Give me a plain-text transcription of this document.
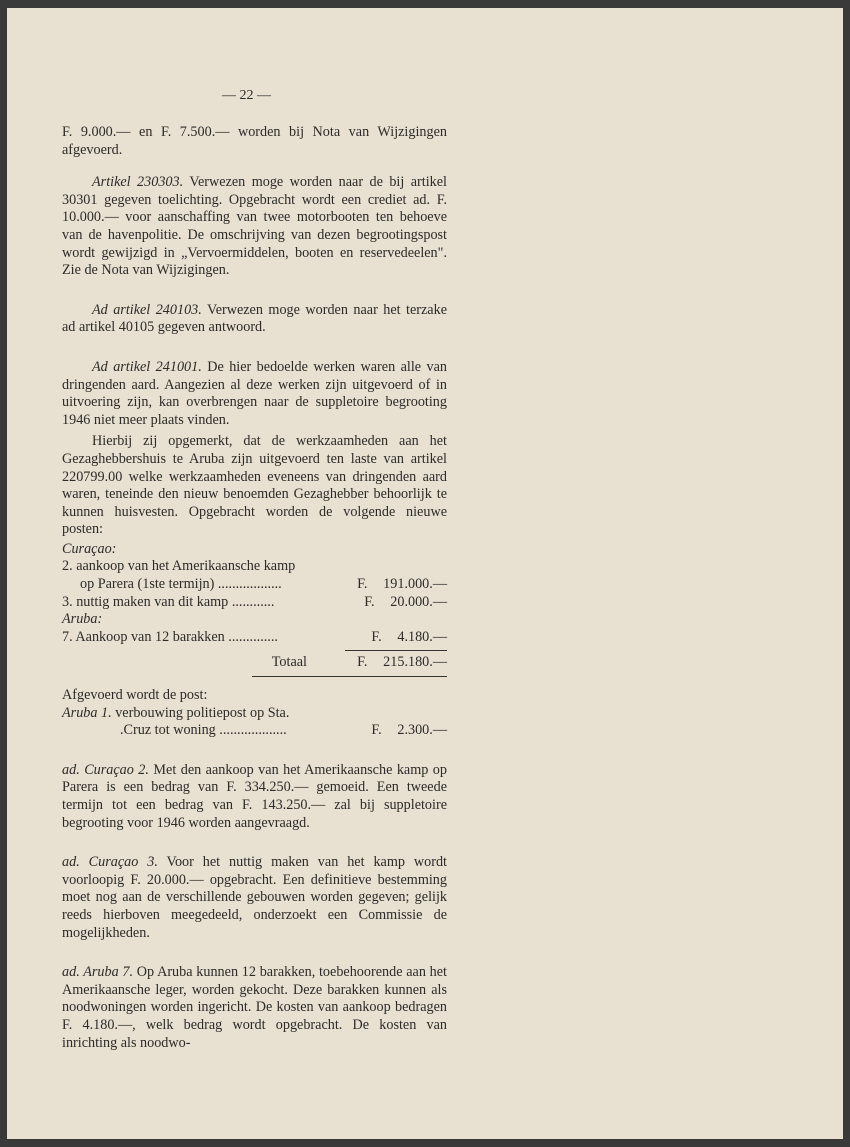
— 22 —

F. 9.000.— en F. 7.500.— worden bij Nota van Wijzigingen afgevoerd.

Artikel 230303. Verwezen moge worden naar de bij artikel 30301 gegeven toelichting. Opgebracht wordt een crediet ad. F. 10.000.— voor aanschaffing van twee motorbooten ten behoeve van de havenpolitie. De omschrijving van dezen begrootingspost wordt gewijzigd in „Vervoermiddelen, booten en reservedeelen". Zie de Nota van Wijzigingen.

Ad artikel 240103. Verwezen moge worden naar het terzake ad artikel 40105 gegeven antwoord.

Ad artikel 241001. De hier bedoelde werken waren alle van dringenden aard. Aangezien al deze werken zijn uitgevoerd of in uitvoering zijn, kan overbrengen naar de suppletoire begrooting 1946 niet meer plaats vinden.

Hierbij zij opgemerkt, dat de werkzaamheden aan het Gezaghebbershuis te Aruba zijn uitgevoerd ten laste van artikel 220799.00 welke werkzaamheden eveneens van dringenden aard waren, teneinde den nieuw benoemden Gezaghebber behoorlijk te kunnen huisvesten. Opgebracht worden de volgende nieuwe posten:

Curaçao:
2. aankoop van het Amerikaansche kamp
op Parera (1ste termijn) ..................	F. 191.000.—
3. nuttig maken van dit kamp ............	F. 20.000.—
Aruba:
7. Aankoop van 12 barakken ..............	F. 4.180.—
Totaal	F. 215.180.—
Afgevoerd wordt de post:
Aruba 1. verbouwing politiepost op Sta.
.Cruz tot woning ...................	F. 2.300.—

ad. Curaçao 2. Met den aankoop van het Amerikaansche kamp op Parera is een bedrag van F. 334.250.— gemoeid. Een tweede termijn tot een bedrag van F. 143.250.— zal bij suppletoire begrooting voor 1946 worden aangevraagd.

ad. Curaçao 3. Voor het nuttig maken van het kamp wordt voorloopig F. 20.000.— opgebracht. Een definitieve bestemming moet nog aan de verschillende gebouwen worden gegeven; gelijk reeds hierboven meegedeeld, onderzoekt een Commissie de mogelijkheden.

ad. Aruba 7. Op Aruba kunnen 12 barakken, toebehoorende aan het Amerikaansche leger, worden gekocht. Deze barakken kunnen als noodwoningen worden ingericht. De kosten van aankoop bedragen F. 4.180.—, welk bedrag wordt opgebracht. De kosten van inrichting als noodwo-
